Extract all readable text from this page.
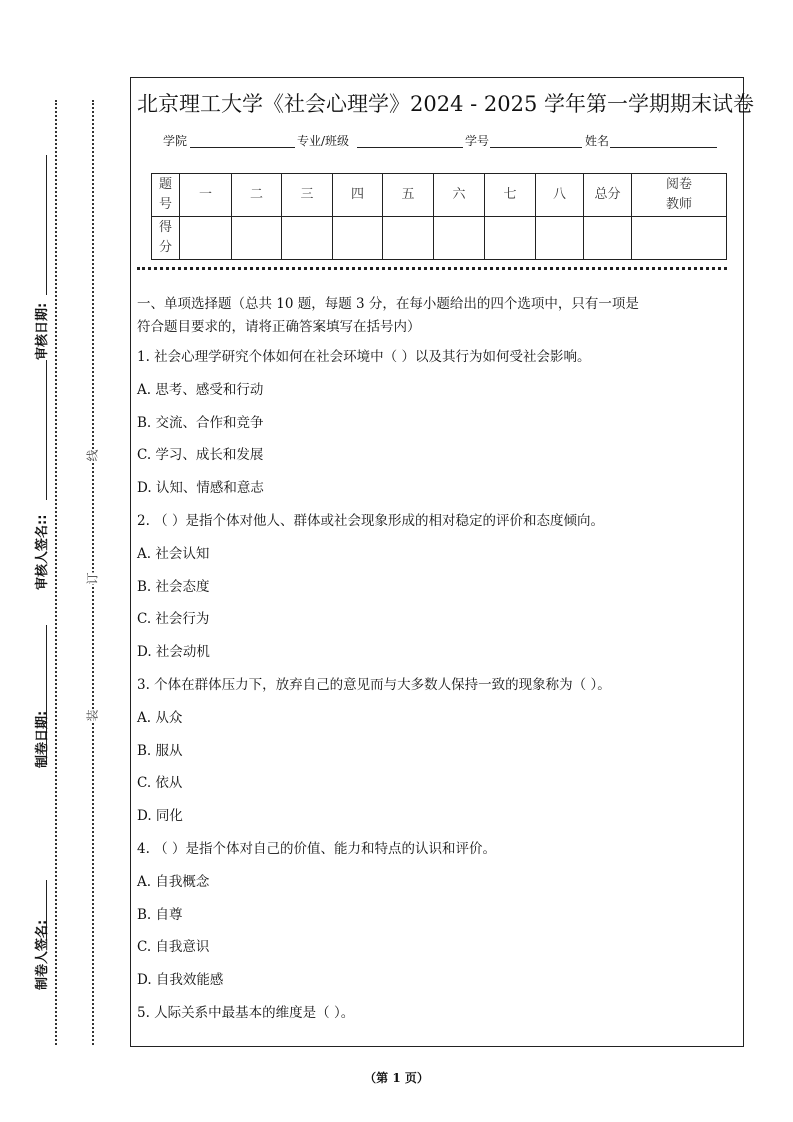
制卷人签名:
制卷日期:
审核人签名::
审核日期:
装
订
线
北京理工大学《社会心理学》2024 - 2025 学年第一学期期末试卷
学院	专业/班级	学号	姓名
题号	一	二	三	四	五	六	七	八	总分	阅卷教师
得分										
一、单项选择题（总共 10 题，每题 3 分，在每小题给出的四个选项中，只有一项是
符合题目要求的，请将正确答案填写在括号内）
1. 社会心理学研究个体如何在社会环境中（ ）以及其行为如何受社会影响。
A. 思考、感受和行动
B. 交流、合作和竞争
C. 学习、成长和发展
D. 认知、情感和意志
2. （ ）是指个体对他人、群体或社会现象形成的相对稳定的评价和态度倾向。
A. 社会认知
B. 社会态度
C. 社会行为
D. 社会动机
3. 个体在群体压力下，放弃自己的意见而与大多数人保持一致的现象称为（ ）。
A. 从众
B. 服从
C. 依从
D. 同化
4. （ ）是指个体对自己的价值、能力和特点的认识和评价。
A. 自我概念
B. 自尊
C. 自我意识
D. 自我效能感
5. 人际关系中最基本的维度是（ ）。
（第 1 页）
